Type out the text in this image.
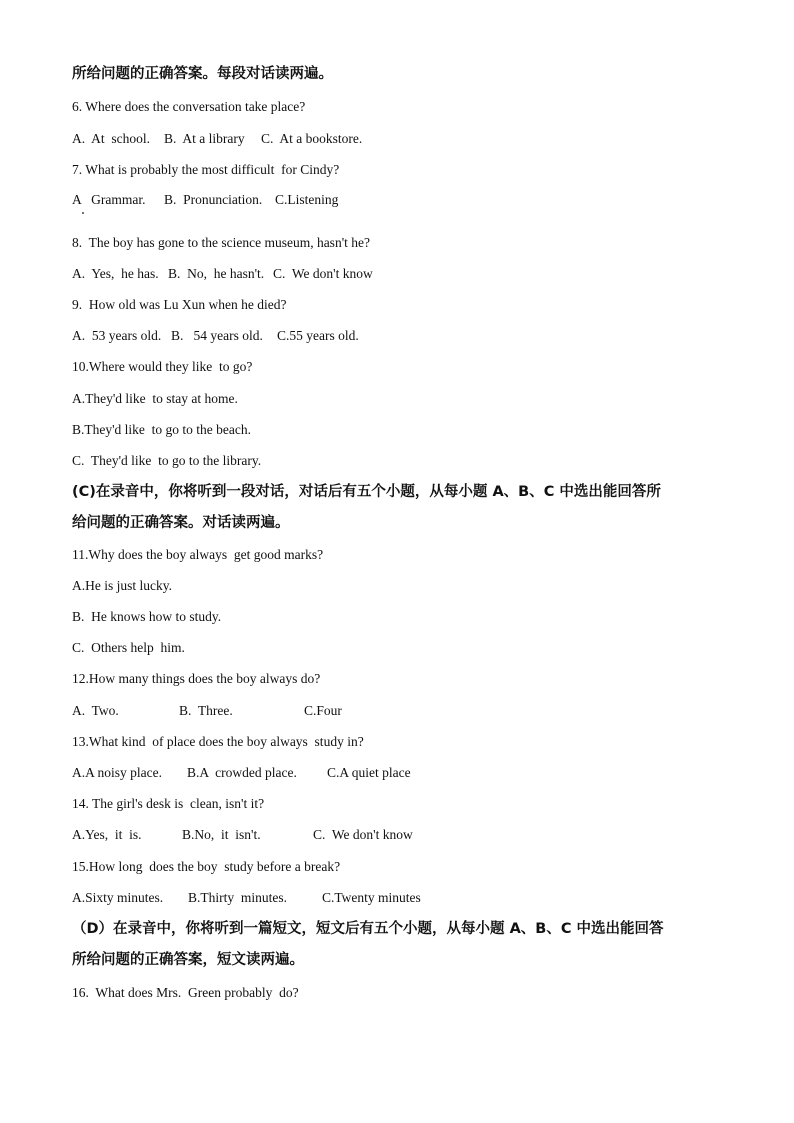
所给问题的正确答案。每段对话读两遍。
6. Where does the conversation take place?
A.  At  school. B.  At a library C.  At a bookstore.
7. What is probably the most difficult  for Cindy?
A   Grammar. B.  Pronunciation. C.Listening
8.  The boy has gone to the science museum, hasn't he?
A.  Yes,  he has. B.  No,  he hasn't. C.  We don't know
9.  How old was Lu Xun when he died?
A.  53 years old. B.   54 years old. C.55 years old.
10.Where would they like  to go?
A.They'd like  to stay at home.
B.They'd like  to go to the beach.
C.  They'd like  to go to the library.
(C)在录音中，你将听到一段对话，对话后有五个小题，从每小题 A、B、C 中选出能回答所
给问题的正确答案。对话读两遍。
11.Why does the boy always  get good marks?
A.He is just lucky.
B.  He knows how to study.
C.  Others help  him.
12.How many things does the boy always do?
A.  Two.	B.  Three.	C.Four
13.What kind  of place does the boy always  study in?
A.A noisy place. B.A  crowded place. C.A quiet place
14. The girl's desk is  clean, isn't it?
A.Yes,  it  is.	B.No,  it  isn't.	C.  We don't know
15.How long  does the boy  study before a break?
A.Sixty minutes. B.Thirty  minutes.	C.Twenty minutes
（D）在录音中，你将听到一篇短文，短文后有五个小题，从每小题 A、B、C 中选出能回答
所给问题的正确答案，短文读两遍。
16.  What does Mrs.  Green probably  do?
